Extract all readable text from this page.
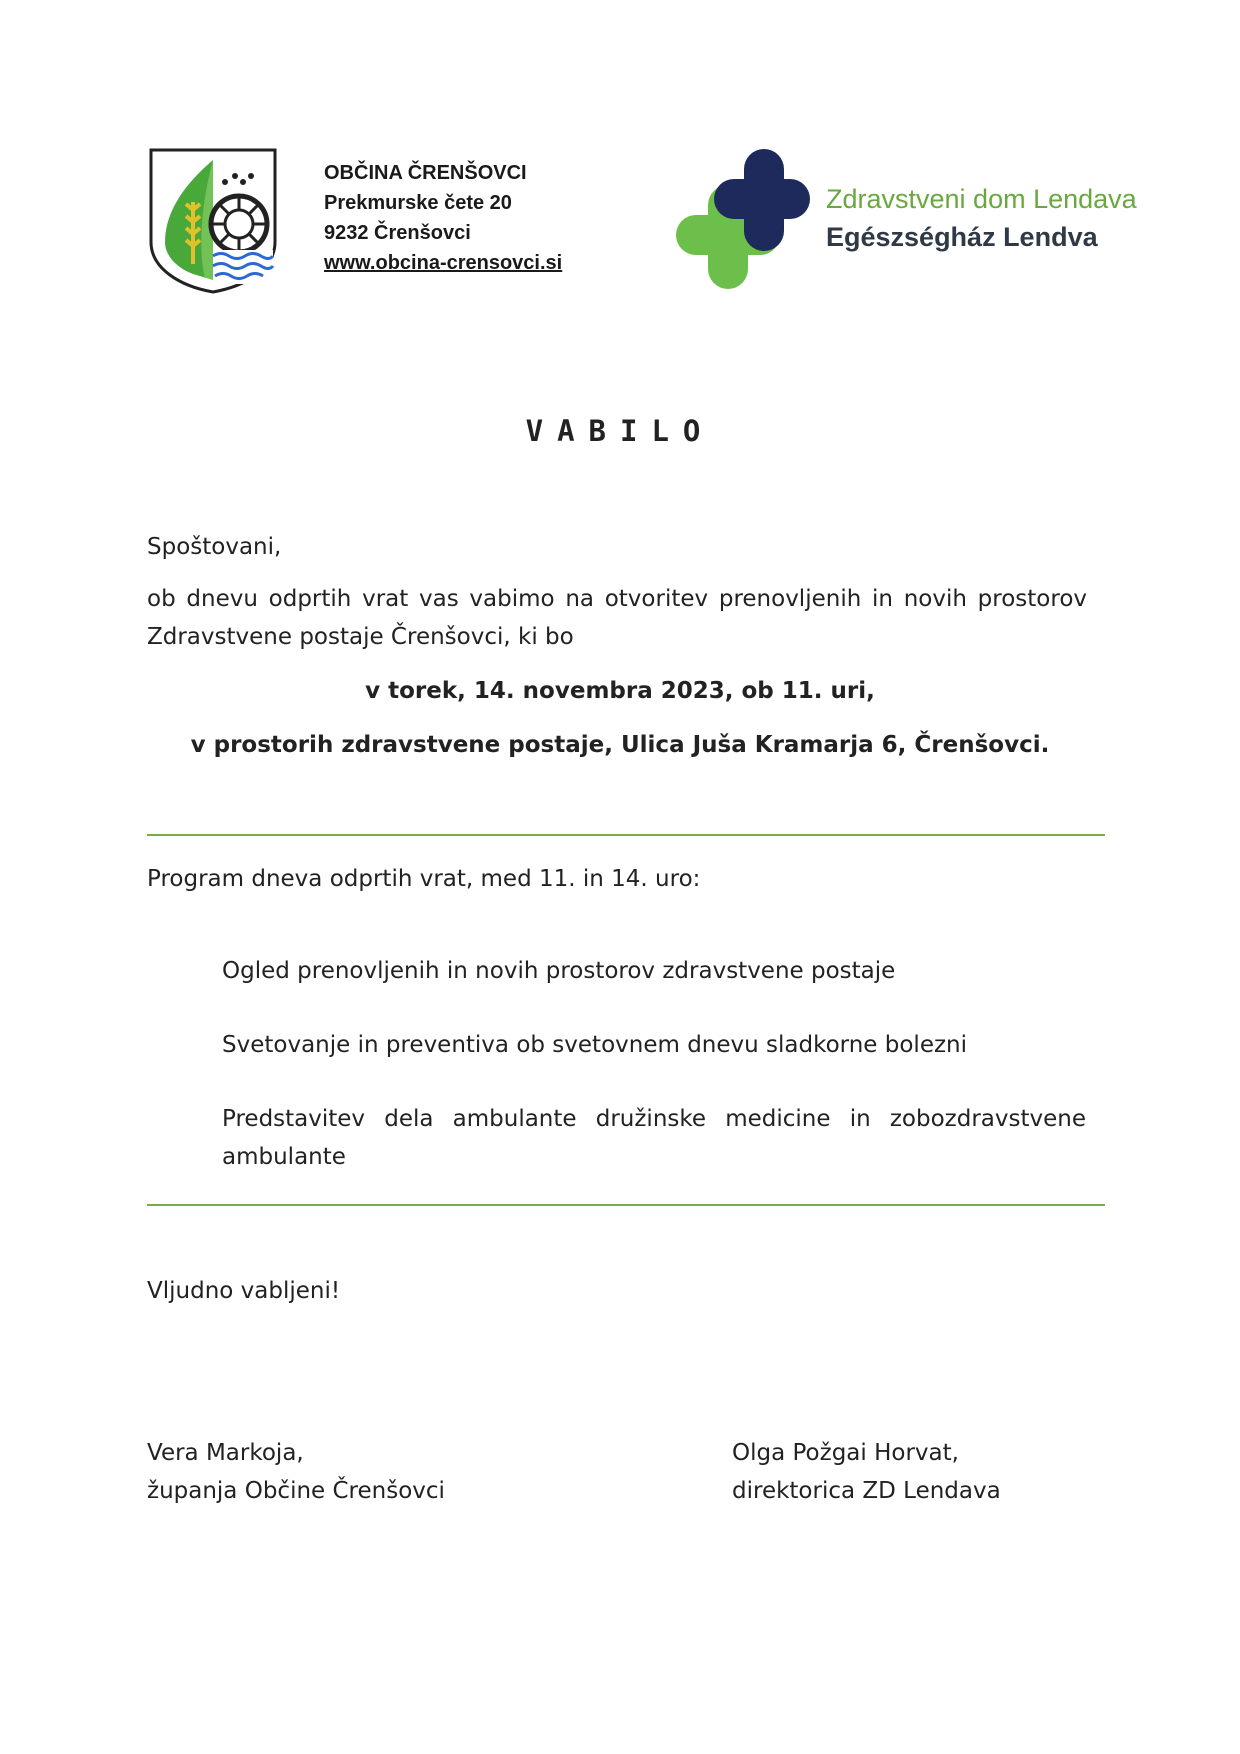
OBČINA ČRENŠOVCI
Prekmurske čete 20
9232 Črenšovci
www.obcina-crensovci.si
Zdravstveni dom Lendava
Egészségház Lendva
VABILO
Spoštovani,
ob dnevu odprtih vrat vas vabimo na otvoritev prenovljenih in novih prostorov Zdravstvene postaje Črenšovci, ki bo
v torek, 14. novembra 2023, ob 11. uri,
v prostorih zdravstvene postaje, Ulica Juša Kramarja 6, Črenšovci.
Program dneva odprtih vrat, med 11. in 14. uro:
Ogled prenovljenih in novih prostorov zdravstvene postaje
Svetovanje in preventiva ob svetovnem dnevu sladkorne bolezni
Predstavitev dela ambulante družinske medicine in zobozdravstvene ambulante
Vljudno vabljeni!
Vera Markoja,
županja Občine Črenšovci
Olga Požgai Horvat,
direktorica ZD Lendava
